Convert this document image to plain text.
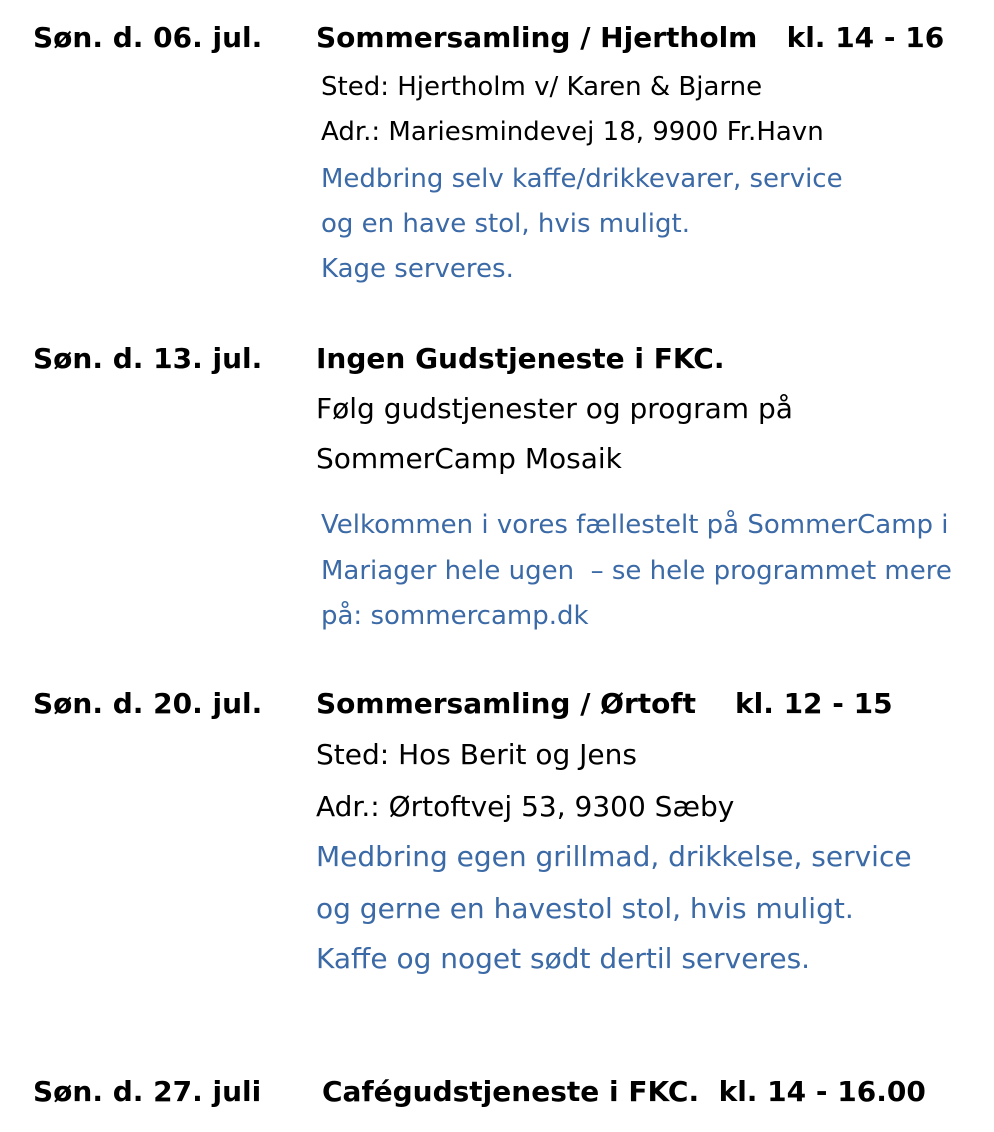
Søn. d. 06. jul. Sommersamling / Hjertholm   kl. 14 - 16
Sted: Hjertholm v/ Karen & Bjarne
Adr.: Mariesmindevej 18, 9900 Fr.Havn
Medbring selv kaffe/drikkevarer, service
og en have stol, hvis muligt.
Kage serveres.
Søn. d. 13. jul. Ingen Gudstjeneste i FKC.
Følg gudstjenester og program på
SommerCamp Mosaik
Velkommen i vores fællestelt på SommerCamp i
Mariager hele ugen  – se hele programmet mere
på: sommercamp.dk
Søn. d. 20. jul. Sommersamling / Ørtoft    kl. 12 - 15
Sted: Hos Berit og Jens
Adr.: Ørtoftvej 53, 9300 Sæby
Medbring egen grillmad, drikkelse, service
og gerne en havestol stol, hvis muligt.
Kaffe og noget sødt dertil serveres.
Søn. d. 27. juli Cafégudstjeneste i FKC.  kl. 14 - 16.00
